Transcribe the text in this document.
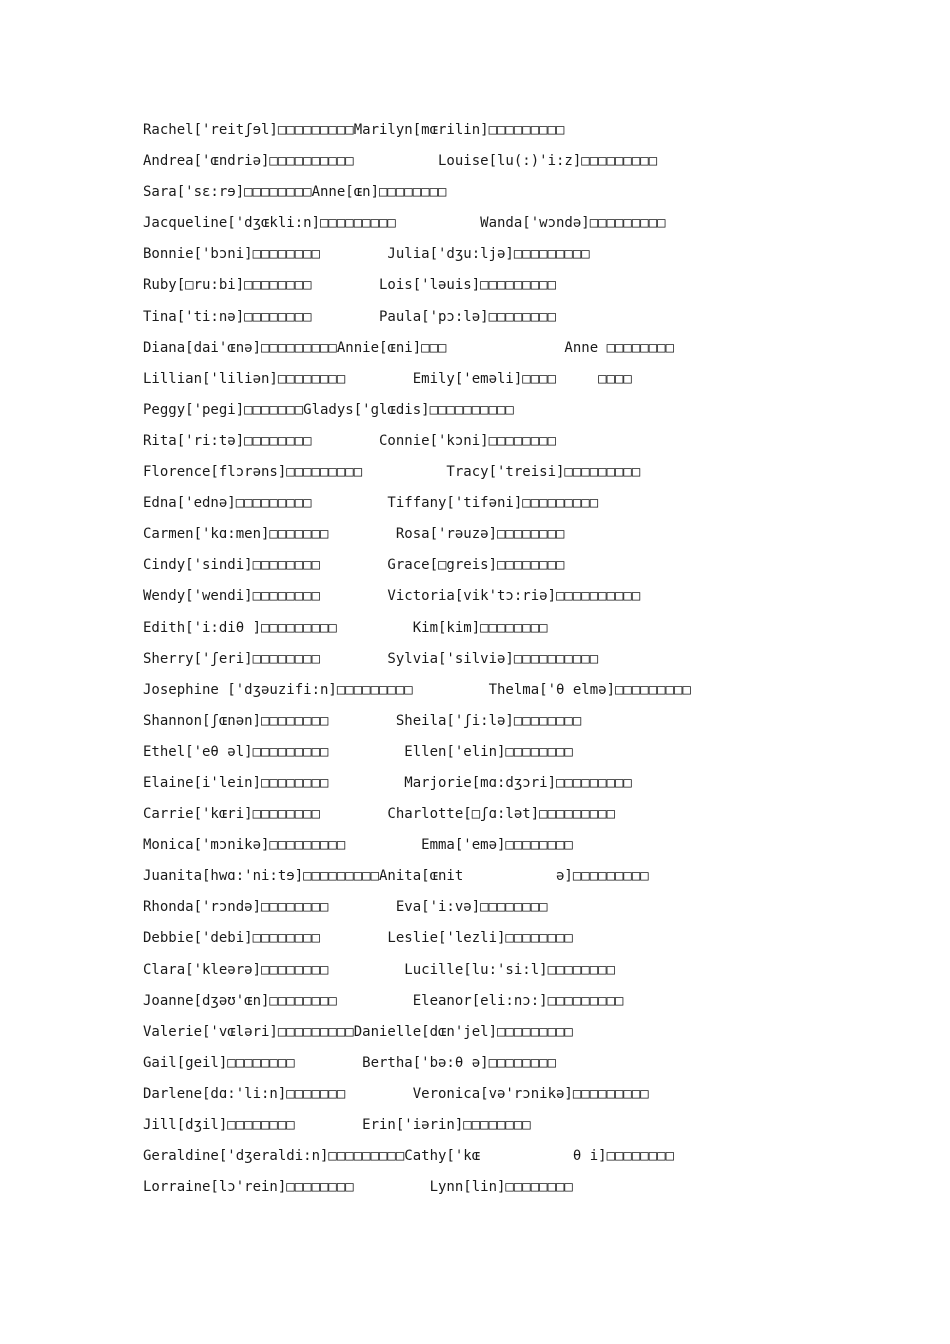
Rachel['reitʃɘl]□□□□□□□□□Marilyn[mɶrilin]□□□□□□□□□
Andrea['ɶndriə]□□□□□□□□□□          Louise[lu(:)'i:z]□□□□□□□□□
Sara['sɛ:rɘ]□□□□□□□□Anne[ɶn]□□□□□□□□
Jacqueline['dʒɶkli:n]□□□□□□□□□          Wanda['wɔndə]□□□□□□□□□
Bonnie['bɔni]□□□□□□□□        Julia['dʒu:ljə]□□□□□□□□□
Ruby[□ru:bi]□□□□□□□□        Lois['ləuis]□□□□□□□□□
Tina['ti:nə]□□□□□□□□        Paula['pɔ:lə]□□□□□□□□
Diana[dai'ɶnə]□□□□□□□□□Annie[ɶni]□□□              Anne □□□□□□□□
Lillian['liliən]□□□□□□□□        Emily['eməli]□□□□     □□□□
Peggy['pegi]□□□□□□□Gladys['glɶdis]□□□□□□□□□□
Rita['ri:tə]□□□□□□□□        Connie['kɔni]□□□□□□□□
Florence[flɔrəns]□□□□□□□□□          Tracy['treisi]□□□□□□□□□
Edna['ednə]□□□□□□□□□         Tiffany['tifəni]□□□□□□□□□
Carmen['kɑ:men]□□□□□□□        Rosa['rəuzə]□□□□□□□□
Cindy['sindi]□□□□□□□□        Grace[□greis]□□□□□□□□
Wendy['wendi]□□□□□□□□        Victoria[vik'tɔ:riə]□□□□□□□□□□
Edith['i:diθ ]□□□□□□□□□         Kim[kim]□□□□□□□□
Sherry['ʃeri]□□□□□□□□        Sylvia['silviə]□□□□□□□□□□
Josephine ['dʒəuzifi:n]□□□□□□□□□         Thelma['θ elmə]□□□□□□□□□
Shannon[ʃɶnən]□□□□□□□□        Sheila['ʃi:lə]□□□□□□□□
Ethel['eθ əl]□□□□□□□□□         Ellen['elin]□□□□□□□□
Elaine[i'lein]□□□□□□□□         Marjorie[mɑ:dʒɔri]□□□□□□□□□
Carrie['kɶri]□□□□□□□□        Charlotte[□ʃɑ:lət]□□□□□□□□□
Monica['mɔnikə]□□□□□□□□□         Emma['emə]□□□□□□□□
Juanita[hwɑ:'ni:tɘ]□□□□□□□□□Anita[ɶnit           ə]□□□□□□□□□
Rhonda['rɔndə]□□□□□□□□        Eva['i:və]□□□□□□□□
Debbie['debi]□□□□□□□□        Leslie['lezli]□□□□□□□□
Clara['kleərə]□□□□□□□□         Lucille[lu:'si:l]□□□□□□□□
Joanne[dʒəʊ'ɶn]□□□□□□□□         Eleanor[eli:nɔ:]□□□□□□□□□
Valerie['vɶləri]□□□□□□□□□Danielle[dɶn'jel]□□□□□□□□□
Gail[geil]□□□□□□□□        Bertha['bə:θ ə]□□□□□□□□
Darlene[dɑ:'li:n]□□□□□□□        Veronica[və'rɔnikə]□□□□□□□□□
Jill[dʒil]□□□□□□□□        Erin['iərin]□□□□□□□□
Geraldine['dʒeraldi:n]□□□□□□□□□Cathy['kɶ           θ i]□□□□□□□□
Lorraine[lɔ'rein]□□□□□□□□         Lynn[lin]□□□□□□□□
